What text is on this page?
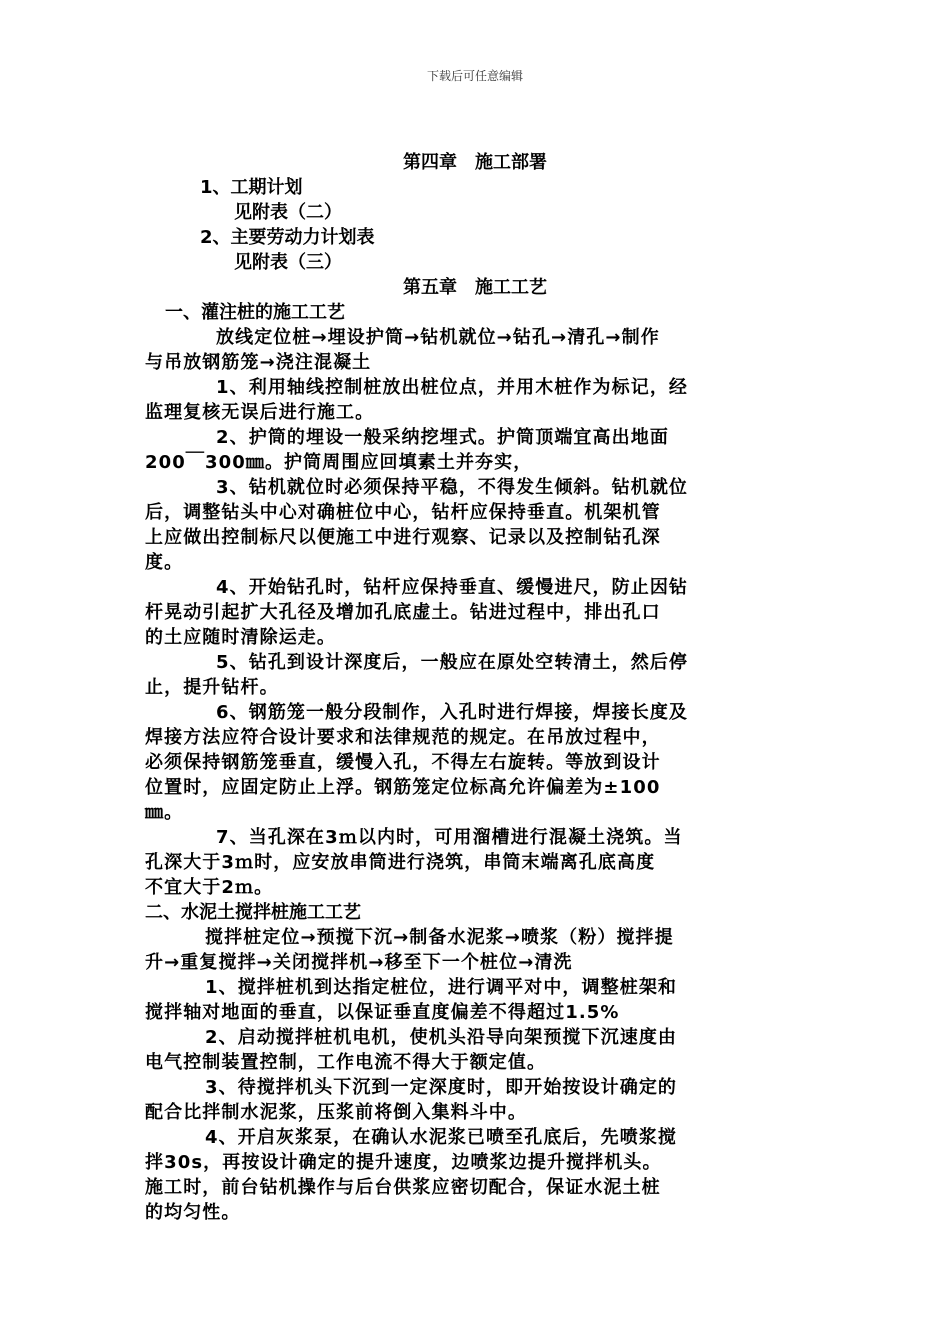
下载后可任意编辑
第四章　施工部署
1、工期计划
见附表（二）
2、主要劳动力计划表
见附表（三）
第五章　施工工艺
一、灌注桩的施工工艺
放线定位桩→埋设护筒→钻机就位→钻孔→清孔→制作
与吊放钢筋笼→浇注混凝土
1、利用轴线控制桩放出桩位点，并用木桩作为标记，经
监理复核无误后进行施工。
2、护筒的埋设一般采纳挖埋式。护筒顶端宜高出地面
200￣300㎜。护筒周围应回填素土并夯实，
3、钻机就位时必须保持平稳，不得发生倾斜。钻机就位
后，调整钻头中心对确桩位中心，钻杆应保持垂直。机架机管
上应做出控制标尺以便施工中进行观察、记录以及控制钻孔深
度。
4、开始钻孔时，钻杆应保持垂直、缓慢进尺，防止因钻
杆晃动引起扩大孔径及增加孔底虚土。钻进过程中，排出孔口
的土应随时清除运走。
5、钻孔到设计深度后，一般应在原处空转清土，然后停
止，提升钻杆。
6、钢筋笼一般分段制作，入孔时进行焊接，焊接长度及
焊接方法应符合设计要求和法律规范的规定。在吊放过程中，
必须保持钢筋笼垂直，缓慢入孔，不得左右旋转。等放到设计
位置时，应固定防止上浮。钢筋笼定位标高允许偏差为±100
㎜。
7、当孔深在3ｍ以内时，可用溜槽进行混凝土浇筑。当
孔深大于3ｍ时，应安放串筒进行浇筑，串筒末端离孔底高度
不宜大于2ｍ。
二、水泥土搅拌桩施工工艺
搅拌桩定位→预搅下沉→制备水泥浆→喷浆（粉）搅拌提
升→重复搅拌→关闭搅拌机→移至下一个桩位→清洗
1、搅拌桩机到达指定桩位，进行调平对中，调整桩架和
搅拌轴对地面的垂直，以保证垂直度偏差不得超过1.5%
2、启动搅拌桩机电机，使机头沿导向架预搅下沉速度由
电气控制装置控制，工作电流不得大于额定值。
3、待搅拌机头下沉到一定深度时，即开始按设计确定的
配合比拌制水泥浆，压浆前将倒入集料斗中。
4、开启灰浆泵，在确认水泥浆已喷至孔底后，先喷浆搅
拌30s，再按设计确定的提升速度，边喷浆边提升搅拌机头。
施工时，前台钻机操作与后台供浆应密切配合，保证水泥土桩
的均匀性。
